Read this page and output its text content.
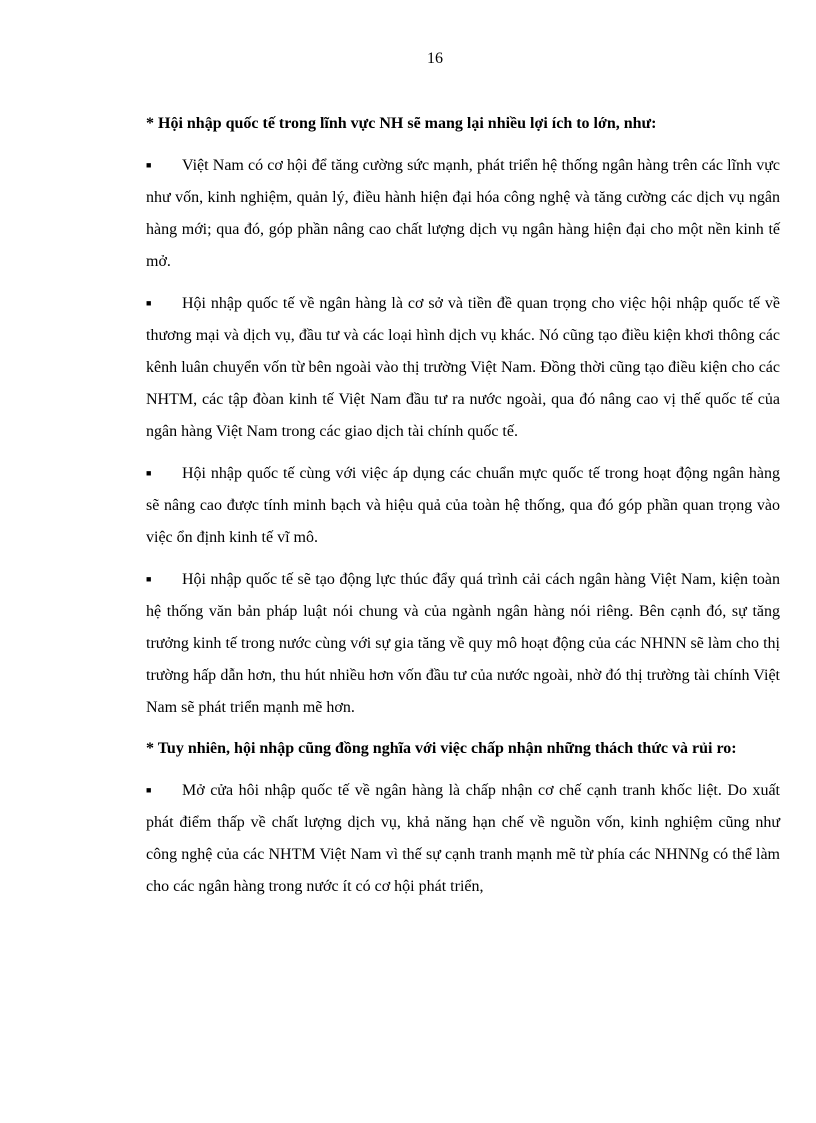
16

* Hội nhập quốc tế trong lĩnh vực NH sẽ mang lại nhiều lợi ích to lớn, như:

■ Việt Nam có cơ hội để tăng cường sức mạnh, phát triển hệ thống ngân hàng trên các lĩnh vực như vốn, kinh nghiệm, quản lý, điều hành hiện đại hóa công nghệ và tăng cường các dịch vụ ngân hàng mới; qua đó, góp phần nâng cao chất lượng dịch vụ ngân hàng hiện đại cho một nền kinh tế mở.

■ Hội nhập quốc tế về ngân hàng là cơ sở và tiền đề quan trọng cho việc hội nhập quốc tế về thương mại và dịch vụ, đầu tư và các loại hình dịch vụ khác. Nó cũng tạo điều kiện khơi thông các kênh luân chuyển vốn từ bên ngoài vào thị trường Việt Nam. Đồng thời cũng tạo điều kiện cho các NHTM, các tập đòan kinh tế Việt Nam đầu tư ra nước ngoài, qua đó nâng cao vị thế quốc tế của ngân hàng Việt Nam trong các giao dịch tài chính quốc tế.

■ Hội nhập quốc tế cùng với việc áp dụng các chuẩn mực quốc tế trong hoạt động ngân hàng sẽ nâng cao được tính minh bạch và hiệu quả của toàn hệ thống, qua đó góp phần quan trọng vào việc ổn định kinh tế vĩ mô.

■ Hội nhập quốc tế sẽ tạo động lực thúc đẩy quá trình cải cách ngân hàng Việt Nam, kiện toàn hệ thống văn bản pháp luật nói chung và của ngành ngân hàng nói riêng. Bên cạnh đó, sự tăng trưởng kinh tế trong nước cùng với sự gia tăng về quy mô hoạt động của các NHNN sẽ làm cho thị trường hấp dẫn hơn, thu hút nhiều hơn vốn đầu tư của nước ngoài, nhờ đó thị trường tài chính Việt Nam sẽ phát triển mạnh mẽ hơn.

* Tuy nhiên, hội nhập cũng đồng nghĩa với việc chấp nhận những thách thức và rủi ro:

■ Mở cửa hôi nhập quốc tế về ngân hàng là chấp nhận cơ chế cạnh tranh khốc liệt. Do xuất phát điểm thấp về chất lượng dịch vụ, khả năng hạn chế về nguồn vốn, kinh nghiệm cũng như công nghệ của các NHTM Việt Nam vì thế sự cạnh tranh mạnh mẽ từ phía các NHNNg có thể làm cho các ngân hàng trong nước ít có cơ hội phát triển,
